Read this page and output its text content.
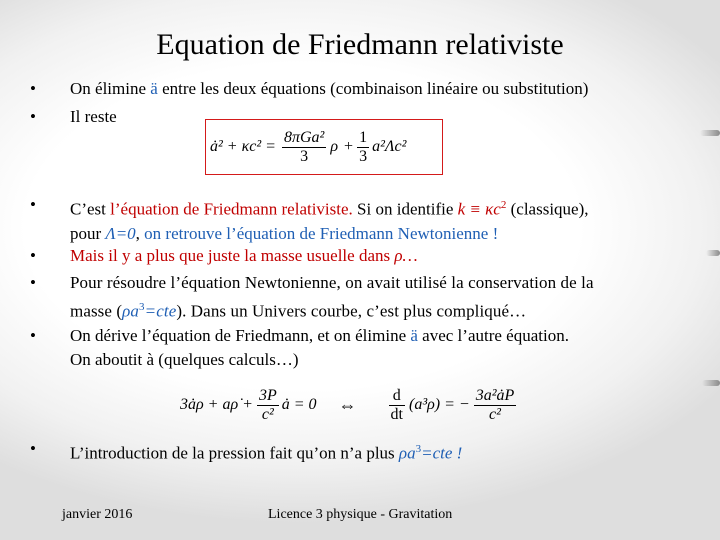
Equation de Friedmann relativiste
• On élimine ä entre les deux équations (combinaison linéaire ou substitution)
• Il reste
ȧ² + $\kappa c^2 = \frac{\text{8πGa²}}{3}$ $\rho + \frac{1}{3} a^2\Lambda c^2$
• C’est l’équation de Friedmann relativiste. Si on identifie $k \equiv \kappa c^2$ (classique),
pour Λ=0, on retrouve l’équation de Friedmann Newtonienne !
• Mais il y a plus que juste la masse usuelle dans ρ…
• Pour résoudre l’équation Newtonienne, on avait utilisé la conservation de la
masse $(\rho a^3=cte)$. Dans un Univers courbe, c’est plus compliqué…
• On dérive l’équation de Friedmann, et on élimine ä avec l’autre équation.
On aboutit à (quelques calculs…)
3ȧρ + aρ̇ + $\frac{3P}{\text{c²}}$ ȧ = 0 ⇔ $\frac{d}{dt} (a^3\rho)$ = − $\frac{\text{3a²ȧP}}{\text{c²}}$
• L’introduction de la pression fait qu’on n’a plus $\rho a^3=cte$ !
janvier 2016	Licence 3 physique - Gravitation
